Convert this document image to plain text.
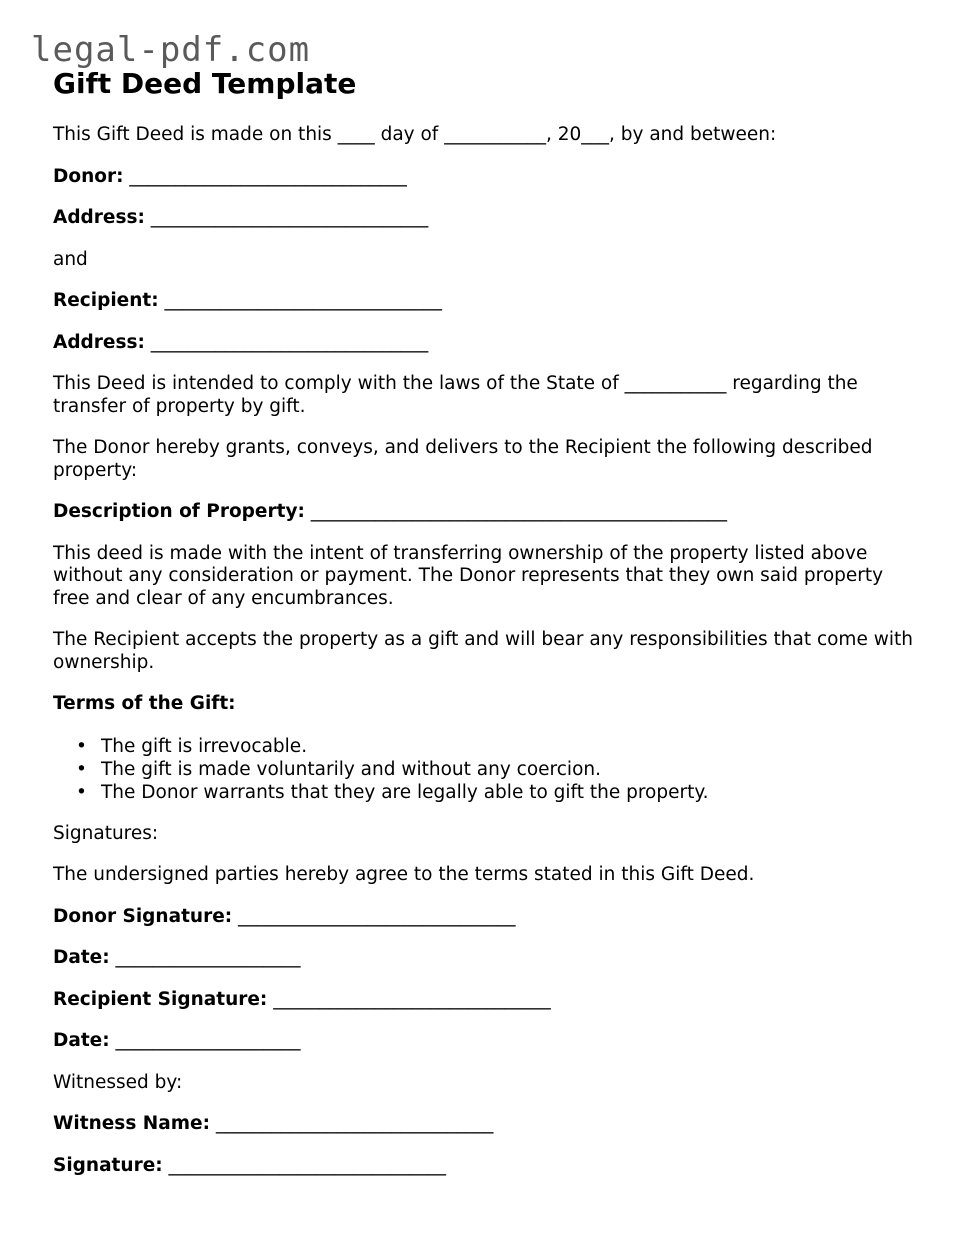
legal-pdf.com
Gift Deed Template

This Gift Deed is made on this ____ day of ___________, 20___, by and between:

Donor: ______________________________

Address: ______________________________

and

Recipient: ______________________________

Address: ______________________________

This Deed is intended to comply with the laws of the State of ___________ regarding the transfer of property by gift.

The Donor hereby grants, conveys, and delivers to the Recipient the following described property:

Description of Property: _____________________________________________

This deed is made with the intent of transferring ownership of the property listed above without any consideration or payment. The Donor represents that they own said property free and clear of any encumbrances.

The Recipient accepts the property as a gift and will bear any responsibilities that come with ownership.

Terms of the Gift:

• The gift is irrevocable.
• The gift is made voluntarily and without any coercion.
• The Donor warrants that they are legally able to gift the property.

Signatures:

The undersigned parties hereby agree to the terms stated in this Gift Deed.

Donor Signature: ______________________________

Date: ____________________

Recipient Signature: ______________________________

Date: ____________________

Witnessed by:

Witness Name: ______________________________

Signature: ______________________________
